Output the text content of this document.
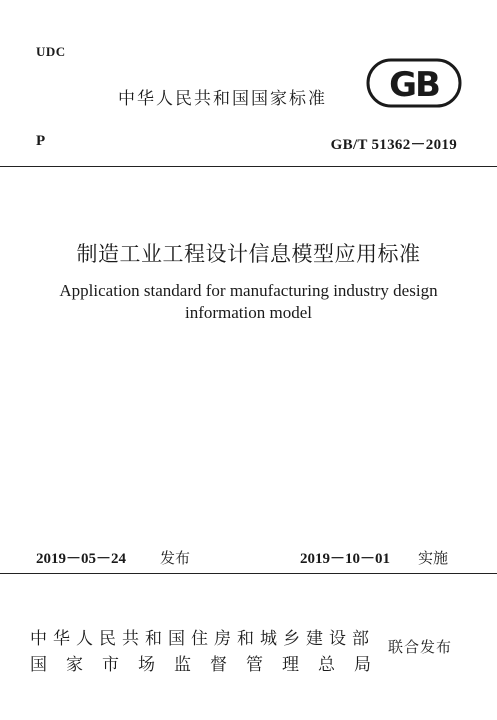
UDC
中华人民共和国国家标准 GB
P	GB/T 51362－2019
制造工业工程设计信息模型应用标准
Application standard for manufacturing industry design
information model
2019－05－24 发布	2019－10－01 实施
中华人民共和国住房和城乡建设部
国家市场监督管理总局
联合发布
